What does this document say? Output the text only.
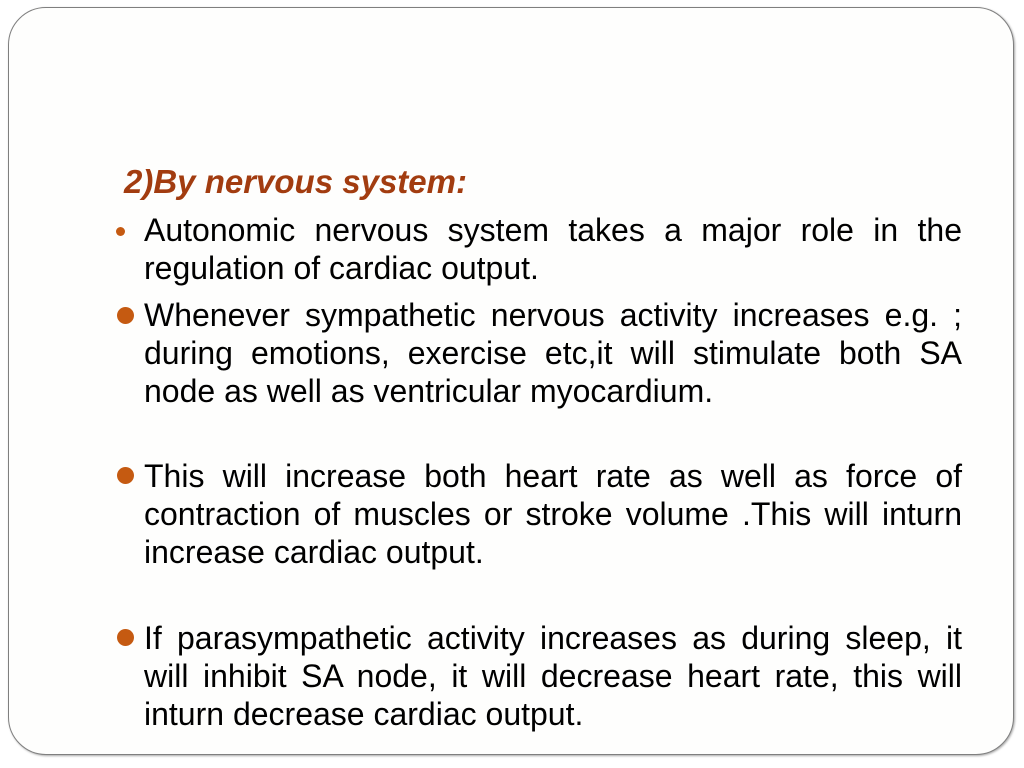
2)By nervous system:
Autonomic nervous system takes a major role in the regulation of cardiac output.
Whenever sympathetic nervous activity increases e.g. ; during emotions, exercise etc,it will stimulate both SA node as well as ventricular myocardium.
This will increase both heart rate as well as force of contraction of muscles or stroke volume .This will inturn increase cardiac output.
If parasympathetic activity increases as during sleep, it will inhibit SA node, it will decrease heart rate, this will inturn decrease cardiac output.
